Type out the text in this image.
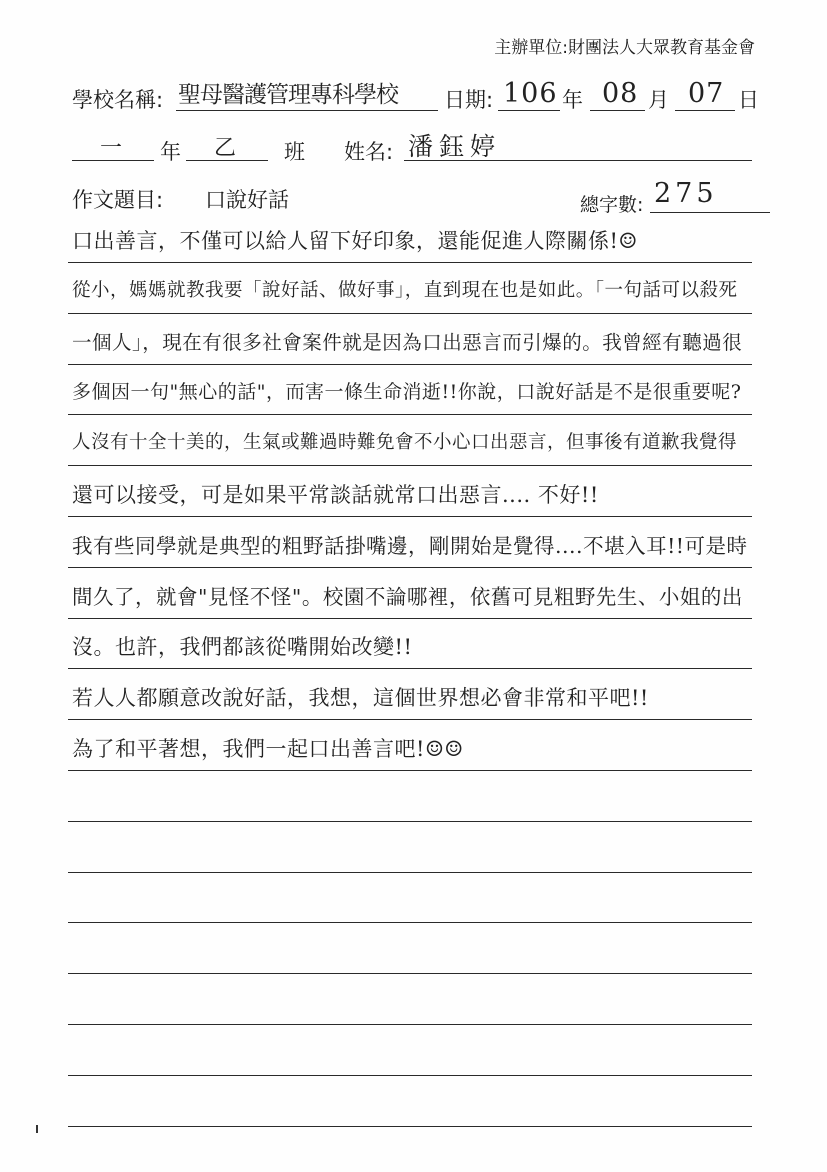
主辦單位:財團法人大眾教育基金會
學校名稱: 聖母醫護管理專科學校 日期: 106 年 08 月 07 日
一 年 乙 班 姓名: 潘鈺婷
作文題目: 口說好話	總字數: 275
口出善言，不僅可以給人留下好印象，還能促進人際關係!☺
從小，媽媽就教我要「說好話、做好事」，直到現在也是如此。「一句話可以殺死
一個人」，現在有很多社會案件就是因為口出惡言而引爆的。我曾經有聽過很
多個因一句"無心的話"，而害一條生命消逝!!你說，口說好話是不是很重要呢?
人沒有十全十美的，生氣或難過時難免會不小心口出惡言，但事後有道歉我覺得
還可以接受，可是如果平常談話就常口出惡言.... 不好!!
我有些同學就是典型的粗野話掛嘴邊，剛開始是覺得....不堪入耳!!可是時
間久了，就會"見怪不怪"。校園不論哪裡，依舊可見粗野先生、小姐的出
沒。也許，我們都該從嘴開始改變!!
若人人都願意改說好話，我想，這個世界想必會非常和平吧!!
為了和平著想，我們一起口出善言吧!☺☺
